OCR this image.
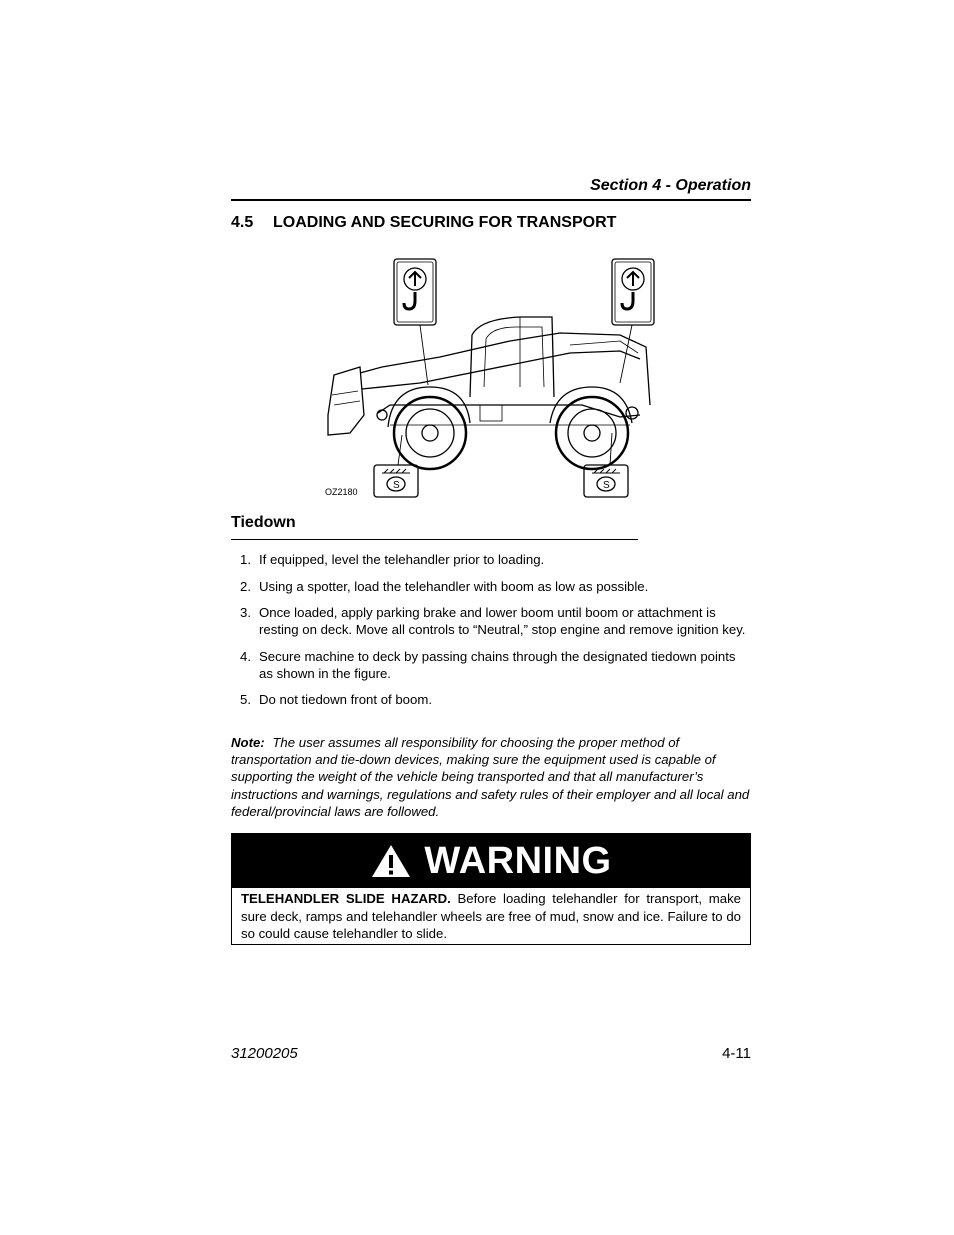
Section 4 - Operation
4.5 LOADING AND SECURING FOR TRANSPORT
S	S
OZ2180
Tiedown
1. If equipped, level the telehandler prior to loading.
2. Using a spotter, load the telehandler with boom as low as possible.
3. Once loaded, apply parking brake and lower boom until boom or attachment is resting on deck. Move all controls to “Neutral,” stop engine and remove ignition key.
4. Secure machine to deck by passing chains through the designated tiedown points as shown in the figure.
5. Do not tiedown front of boom.
Note: The user assumes all responsibility for choosing the proper method of transportation and tie-down devices, making sure the equipment used is capable of supporting the weight of the vehicle being transported and that all manufacturer’s instructions and warnings, regulations and safety rules of their employer and all local and federal/provincial laws are followed.
WARNING
TELEHANDLER SLIDE HAZARD. Before loading telehandler for transport, make sure deck, ramps and telehandler wheels are free of mud, snow and ice. Failure to do so could cause telehandler to slide.
31200205	4-11
